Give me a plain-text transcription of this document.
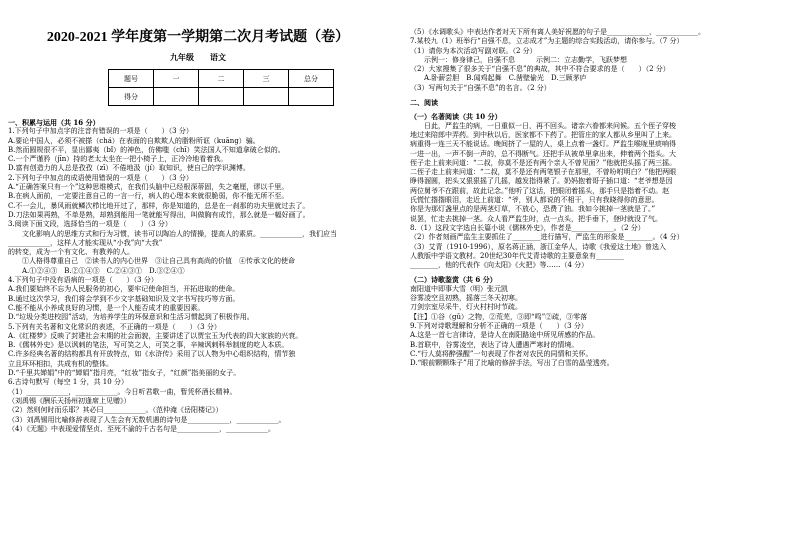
2020-2021 学年度第一学期第二次月考试题（卷）
九年级　　语文
题号	一	二	三	总分
得分				
一、积累与运用（共 16 分）
1.下列句子中加点字的注音有错误的一项是（　　）（3 分）
A.要论中国人，必须不被搽（chá）在表面的自欺欺人的脂粉所诓（kuāng）骗。
B.然而圆规很不平，显出鄙夷（bǐ）的神色，仿佛嗤（chī）笑法国人不知道拿破仑似的。
C.一个严谨矜（jīn）持的老太太坐在一把小椅子上，正冷冷地看着我。
D.富有创造力的人总是孜孜（zī）不倦地汲（jí）取知识，使自己的学识渊博。
2.下列句子中加点的成语使用错误的一项是（　　）（3 分）
A.“正确答案只有一个”这种思维模式，在我们头脑中已经根深蒂固，失之毫厘，谬以千里。
B.在病人面前，一定要注意自己的一言一行，病人的心理本来就很脆弱，你不能无所不至。
C.不一会儿，暴风雨就鳞次栉比地开过了，那样，你是知道的，总是在一刹那的功夫里就过去了。
D.刀法如果再熟，不单是熟，却熟到能用一笔就能写得出，叫做胸有成竹，那么就是一幅好画了。
3.阅读下面文段，选择恰当的一项是（　　）（3 分）
　　文化影响人的思维方式和行为习惯，读书可以陶冶人的情操，提高人的素质。____________，我们应当
____________，这样人才能实现从“小我”向“大我”
的转变，成为一个有文化、有教养的人。
　　①人格得尊重自己　②读书人的内心世界　③让自己具有高尚的价值　④传承文化的使命
　　A.①②④③　B.②①④③　C.②④③①　D.③②④①
4.下列句子中没有语病的一项是（　　）（3 分）
A.我们要始终不忘为人民服务的初心，要牢记使命担当，开拓进取的使命。
B.通过这次学习，我们将会学到不少文字基础知识及文字书写技巧等方面。
C.能不能从小养成良好的习惯，是一个人能否成才的重要因素。
D.“垃圾分类进校园”活动，为培养学生的环保意识和生活习惯起到了积极作用。
5.下列有关名著和文化常识的表述，不正确的一项是（　　）（3 分）
A.《红楼梦》反映了封建社会末期的社会面貌，主要讲述了以贾宝玉为代表的四大家族的兴衰。
B.《儒林外史》是以讽刺的笔法，写可笑之人，可笑之事，辛辣讽刺科举制度的吃人本质。
C.许多经典名著的结构都具有开放特点，如《水浒传》采用了以人物为中心组织结构，情节独
立且环环相扣，共成有机的整体。
D.“千里共婵娟”中的“婵娟”指月亮，“红妆”指女子，“红颜”指美丽的女子。
6.古诗句默写（每空 1 分，共 10 分）
（1）____________，____________。今日听君歌一曲，暂凭杯酒长精神。
（刘禹锡《酬乐天扬州初逢席上见赠》）
（2）然则何时而乐耶？其必曰____________。（范仲淹《岳阳楼记》）
（3）刘禹锡用比喻修辞表现了人生会有无数机遇的诗句是____________，____________。
（4）《无题》中表现爱情坚贞、至死不渝的千古名句是____________，____________。
（5）《水调歌头》中表达作者对天下所有离人美好祝愿的句子是____________，____________。
7.某校九（1）班举行“自强不息，立志成才”为主题的综合实践活动，请你参与。（7 分）
（1）请你为本次活动写副对联。（2 分）
　　示例一：修身律己，自强不息　　　示例二：立志勤学，飞跃梦想
（2）大家搜集了很多关于“自强不息”的典故，其中不符合要求的是（　　）（2 分）
　　A.卧薪尝胆　B.闻鸡起舞　C.凿壁偷光　D.三顾茅庐
（3）写两句关于“自强不息”的名言。（2 分）
二、阅读
（一）名著阅读（共 10 分）
　　日此，严监生的病，一日重似一日，再不回头。诸亲六眷都来问候。五个侄子穿梭
地过来陪郎中弄药。到中秋以后，医家都不下药了。把管庄的家人都从乡里叫了上来。
病重得一连三天不能说话。晚间挤了一屋的人，桌上点着一盏灯。严监生喉咙里痰响得
一进一出，一声不倒一声的，总不得断气。还把手从被单里拿出来，伸着两个指头。大
侄子走上前来问道：“二叔，你莫不是还有两个亲人不曾见面？”他就把头摇了两三摇。
二侄子走上前来问道：“二叔，莫不是还有两笔银子在那里，不曾吩咐明白？”他把两眼
睁得溜圆，把头又狠狠摇了几摇，越发指得紧了。奶妈抱着哥子插口道：“老爷想是因
两位舅爷不在跟前，故此记念。”他听了这话，把眼闭着摇头，那手只是指着不动。赵
氏慌忙揩揩眼泪，走近上前道：“爷，别人都说的不相干，只有我晓得你的意思。
你是为那灯盏里点的是两茎灯草，不放心，恐费了油。我如今挑掉一茎就是了。”
说罢，忙走去挑掉一茎。众人看严监生时，点一点头，把手垂下，登时就没了气。
8.（1）这段文字选自长篇小说《儒林外史》，作者是____________。（2 分）
（2）作者刻画严监生主要抓住了________进行描写，严监生的形象是________。（4 分）
（3）艾青（1910-1996），原名蒋正涵，浙江金华人，诗歌《我爱这土地》曾选入
人教版中学语文教材。20世纪30年代艾青诗歌的主要意象有________
________，他的代表作《向太阳》《火把》等……（4 分）
（二）诗歌鉴赏（共 6 分）
南阳道中即事大雪（明）张元凯
谷雾凌空且初熟，摇落三冬天初寒。
刀剑宗室尽采牛，灯火村村时节疏。
【注】①谷（gǔ）之物，②荒芜，③即“鸣”②疏，③零落
9.下列对诗歌理解和分析不正确的一项是（　　）（3 分）
A.这是一首七言律诗，是诗人在南阳路途中所见所感的作品。
B.首联中，谷雾凌空，表达了诗人遭遇严寒时的情境。
C.“行人莫将醉强醒”一句表现了作者对农民的同情和关怀。
D.“眼前颗颗珠子”用了比喻的修辞手法，写出了白雪的晶莹透亮。
